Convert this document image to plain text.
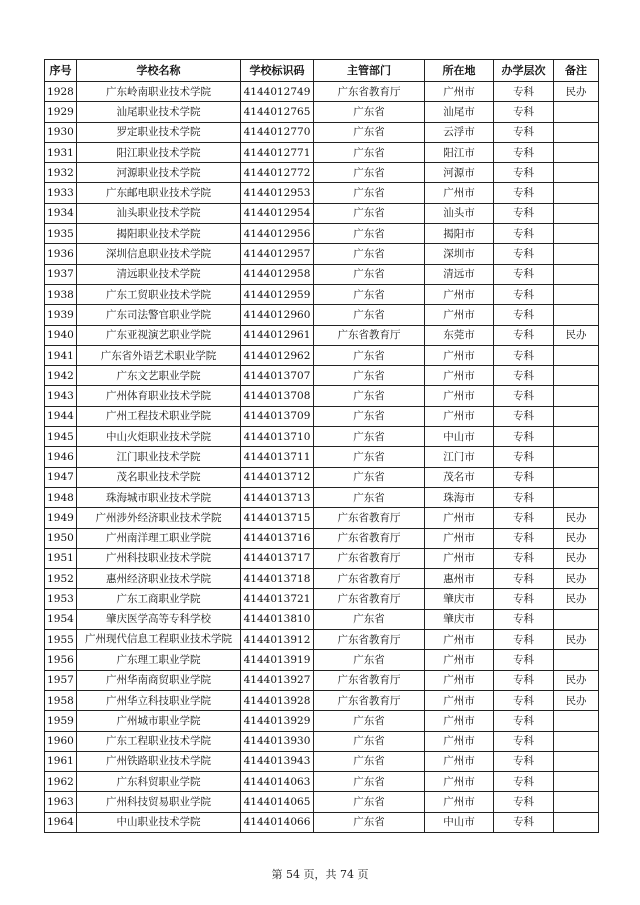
序号	学校名称	学校标识码	主管部门	所在地	办学层次	备注
1928	广东岭南职业技术学院	4144012749	广东省教育厅	广州市	专科	民办
1929	汕尾职业技术学院	4144012765	广东省	汕尾市	专科	
1930	罗定职业技术学院	4144012770	广东省	云浮市	专科	
1931	阳江职业技术学院	4144012771	广东省	阳江市	专科	
1932	河源职业技术学院	4144012772	广东省	河源市	专科	
1933	广东邮电职业技术学院	4144012953	广东省	广州市	专科	
1934	汕头职业技术学院	4144012954	广东省	汕头市	专科	
1935	揭阳职业技术学院	4144012956	广东省	揭阳市	专科	
1936	深圳信息职业技术学院	4144012957	广东省	深圳市	专科	
1937	清远职业技术学院	4144012958	广东省	清远市	专科	
1938	广东工贸职业技术学院	4144012959	广东省	广州市	专科	
1939	广东司法警官职业学院	4144012960	广东省	广州市	专科	
1940	广东亚视演艺职业学院	4144012961	广东省教育厅	东莞市	专科	民办
1941	广东省外语艺术职业学院	4144012962	广东省	广州市	专科	
1942	广东文艺职业学院	4144013707	广东省	广州市	专科	
1943	广州体育职业技术学院	4144013708	广东省	广州市	专科	
1944	广州工程技术职业学院	4144013709	广东省	广州市	专科	
1945	中山火炬职业技术学院	4144013710	广东省	中山市	专科	
1946	江门职业技术学院	4144013711	广东省	江门市	专科	
1947	茂名职业技术学院	4144013712	广东省	茂名市	专科	
1948	珠海城市职业技术学院	4144013713	广东省	珠海市	专科	
1949	广州涉外经济职业技术学院	4144013715	广东省教育厅	广州市	专科	民办
1950	广州南洋理工职业学院	4144013716	广东省教育厅	广州市	专科	民办
1951	广州科技职业技术学院	4144013717	广东省教育厅	广州市	专科	民办
1952	惠州经济职业技术学院	4144013718	广东省教育厅	惠州市	专科	民办
1953	广东工商职业学院	4144013721	广东省教育厅	肇庆市	专科	民办
1954	肇庆医学高等专科学校	4144013810	广东省	肇庆市	专科	
1955	广州现代信息工程职业技术学院	4144013912	广东省教育厅	广州市	专科	民办
1956	广东理工职业学院	4144013919	广东省	广州市	专科	
1957	广州华南商贸职业学院	4144013927	广东省教育厅	广州市	专科	民办
1958	广州华立科技职业学院	4144013928	广东省教育厅	广州市	专科	民办
1959	广州城市职业学院	4144013929	广东省	广州市	专科	
1960	广东工程职业技术学院	4144013930	广东省	广州市	专科	
1961	广州铁路职业技术学院	4144013943	广东省	广州市	专科	
1962	广东科贸职业学院	4144014063	广东省	广州市	专科	
1963	广州科技贸易职业学院	4144014065	广东省	广州市	专科	
1964	中山职业技术学院	4144014066	广东省	中山市	专科	
第 54 页，共 74 页
